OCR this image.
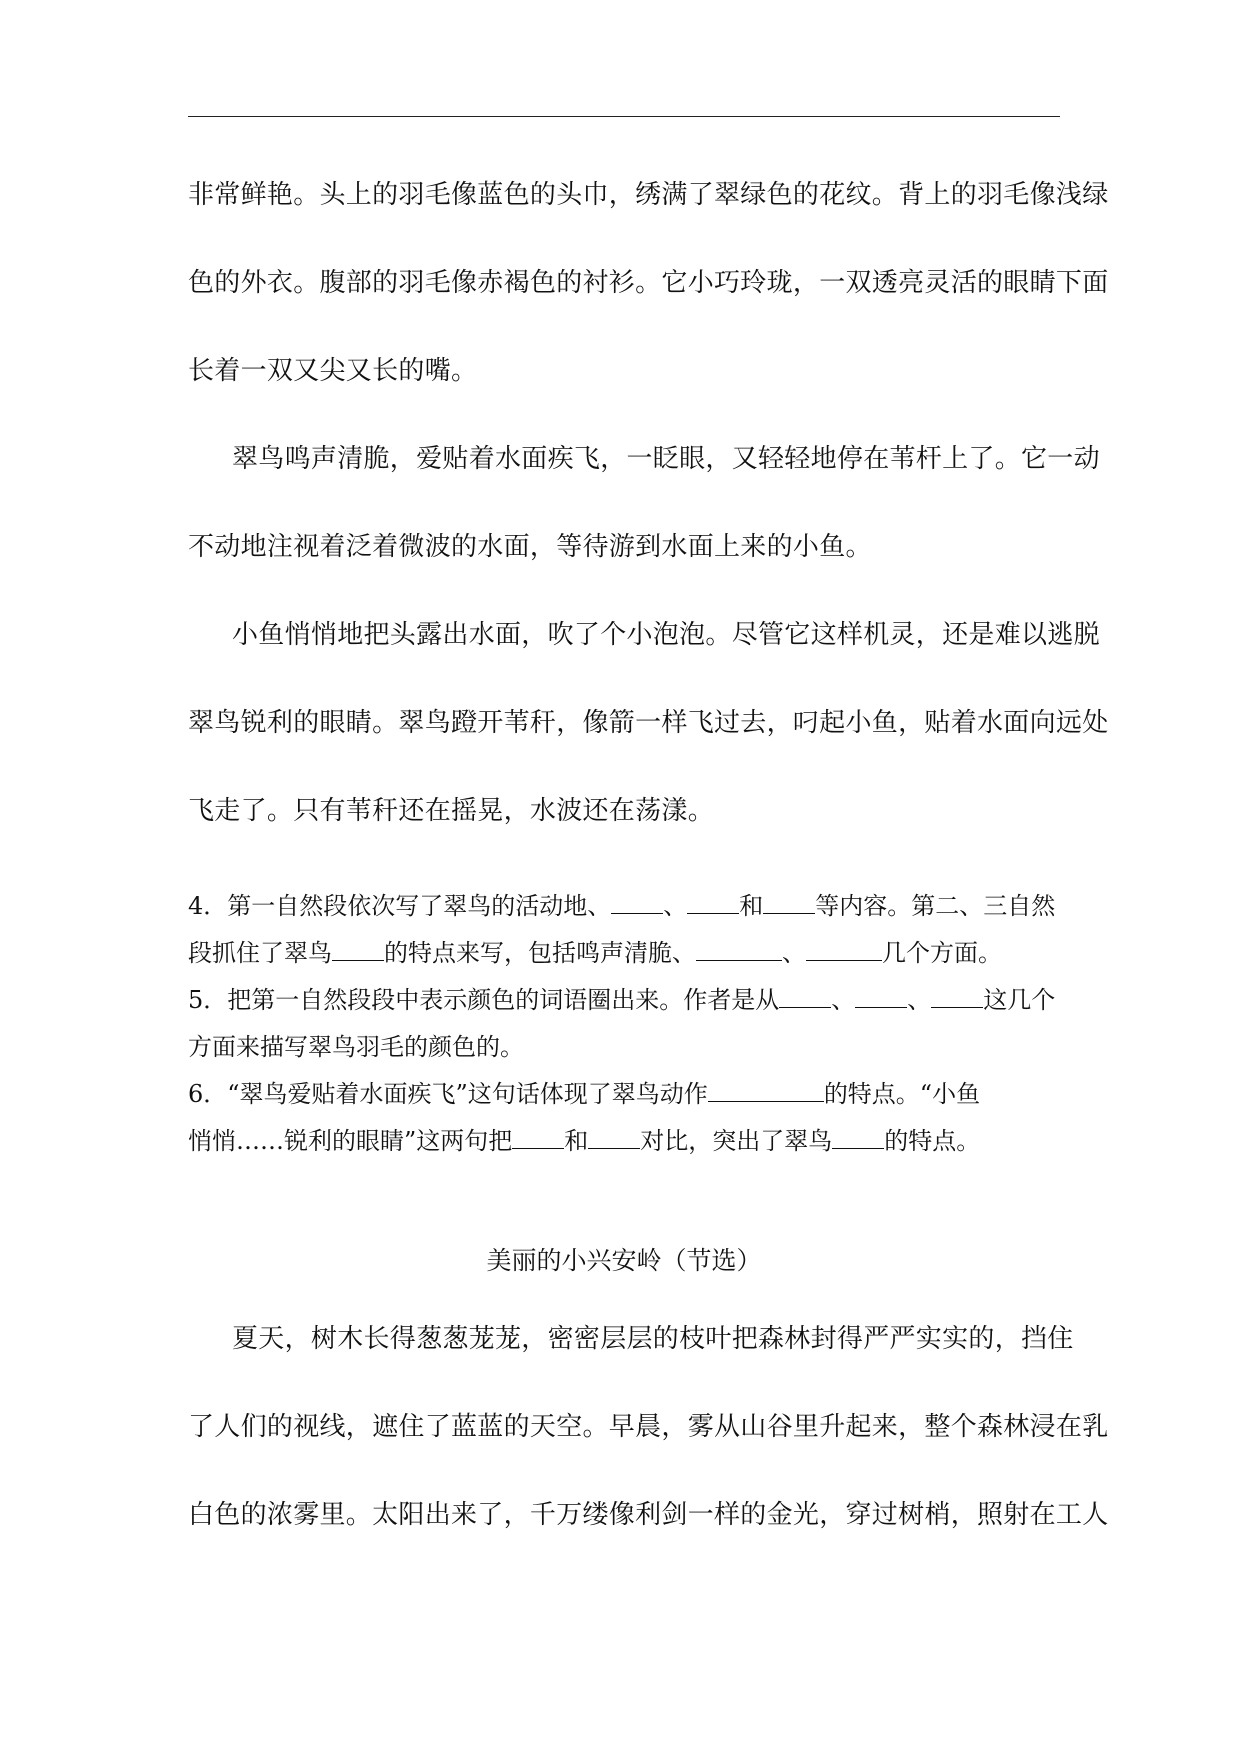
非常鲜艳。头上的羽毛像蓝色的头巾，绣满了翠绿色的花纹。背上的羽毛像浅绿
色的外衣。腹部的羽毛像赤褐色的衬衫。它小巧玲珑，一双透亮灵活的眼睛下面
长着一双又尖又长的嘴。
翠鸟鸣声清脆，爱贴着水面疾飞，一眨眼，又轻轻地停在苇杆上了。它一动
不动地注视着泛着微波的水面，等待游到水面上来的小鱼。
小鱼悄悄地把头露出水面，吹了个小泡泡。尽管它这样机灵，还是难以逃脱
翠鸟锐利的眼睛。翠鸟蹬开苇秆，像箭一样飞过去，叼起小鱼，贴着水面向远处
飞走了。只有苇秆还在摇晃，水波还在荡漾。
4．第一自然段依次写了翠鸟的活动地、 、 和 等内容。第二、三自然
段抓住了翠鸟 的特点来写，包括鸣声清脆、	、	几个方面。
5．把第一自然段段中表示颜色的词语圈出来。作者是从 、 、 这几个
方面来描写翠鸟羽毛的颜色的。
6．“翠鸟爱贴着水面疾飞”这句话体现了翠鸟动作	的特点。“小鱼
悄悄……锐利的眼睛”这两句把 和 对比，突出了翠鸟 的特点。
美丽的小兴安岭（节选）
夏天，树木长得葱葱茏茏，密密层层的枝叶把森林封得严严实实的，挡住
了人们的视线，遮住了蓝蓝的天空。早晨，雾从山谷里升起来，整个森林浸在乳
白色的浓雾里。太阳出来了，千万缕像利剑一样的金光，穿过树梢，照射在工人
